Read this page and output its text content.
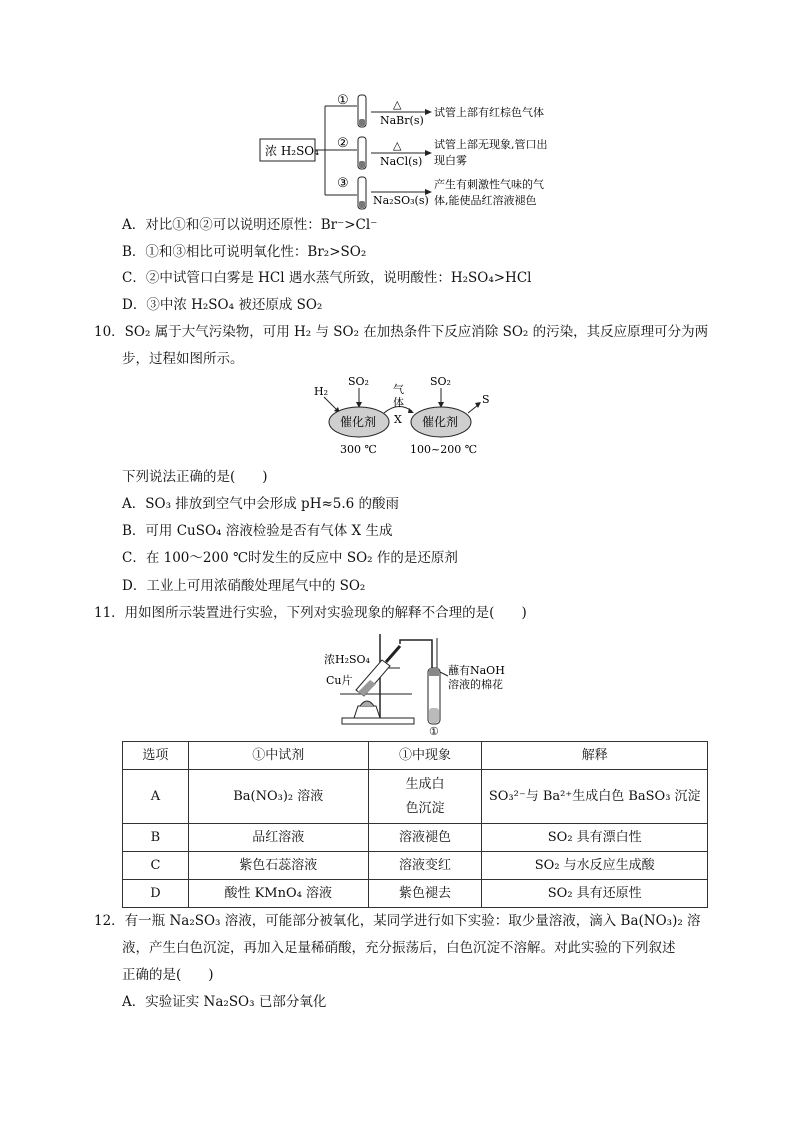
浓 H₂SO₄
①	△
NaBr(s)
试管上部有红棕色气体
②	△
NaCl(s)
试管上部无现象,管口出
现白雾
③
Na₂SO₃(s)
产生有刺激性气味的气
体,能使品红溶液褪色
A．对比①和②可以说明还原性：Br⁻>Cl⁻
B．①和③相比可说明氧化性：Br₂>SO₂
C．②中试管口白雾是 HCl 遇水蒸气所致，说明酸性：H₂SO₄>HCl
D．③中浓 H₂SO₄ 被还原成 SO₂
10．SO₂ 属于大气污染物，可用 H₂ 与 SO₂ 在加热条件下反应消除 SO₂ 的污染，其反应原理可分为两
步，过程如图所示。
H₂
SO₂
催化剂
300 ℃
气
体
X
SO₂
催化剂
100~200 ℃
S
下列说法正确的是(　　)
A．SO₃ 排放到空气中会形成 pH≈5.6 的酸雨
B．可用 CuSO₄ 溶液检验是否有气体 X 生成
C．在 100～200 ℃时发生的反应中 SO₂ 作的是还原剂
D．工业上可用浓硝酸处理尾气中的 SO₂
11．用如图所示装置进行实验，下列对实验现象的解释不合理的是(　　)
浓H₂SO₄
Cu片
蘸有NaOH
溶液的棉花
①
选项	①中试剂	①中现象	解释
A	Ba(NO₃)₂ 溶液	生成白色沉淀	SO₃²⁻与 Ba²⁺生成白色 BaSO₃ 沉淀
B	品红溶液	溶液褪色	SO₂ 具有漂白性
C	紫色石蕊溶液	溶液变红	SO₂ 与水反应生成酸
D	酸性 KMnO₄ 溶液	紫色褪去	SO₂ 具有还原性
12．有一瓶 Na₂SO₃ 溶液，可能部分被氧化，某同学进行如下实验：取少量溶液，滴入 Ba(NO₃)₂ 溶
液，产生白色沉淀，再加入足量稀硝酸，充分振荡后，白色沉淀不溶解。对此实验的下列叙述
正确的是(　　)
A．实验证实 Na₂SO₃ 已部分氧化
